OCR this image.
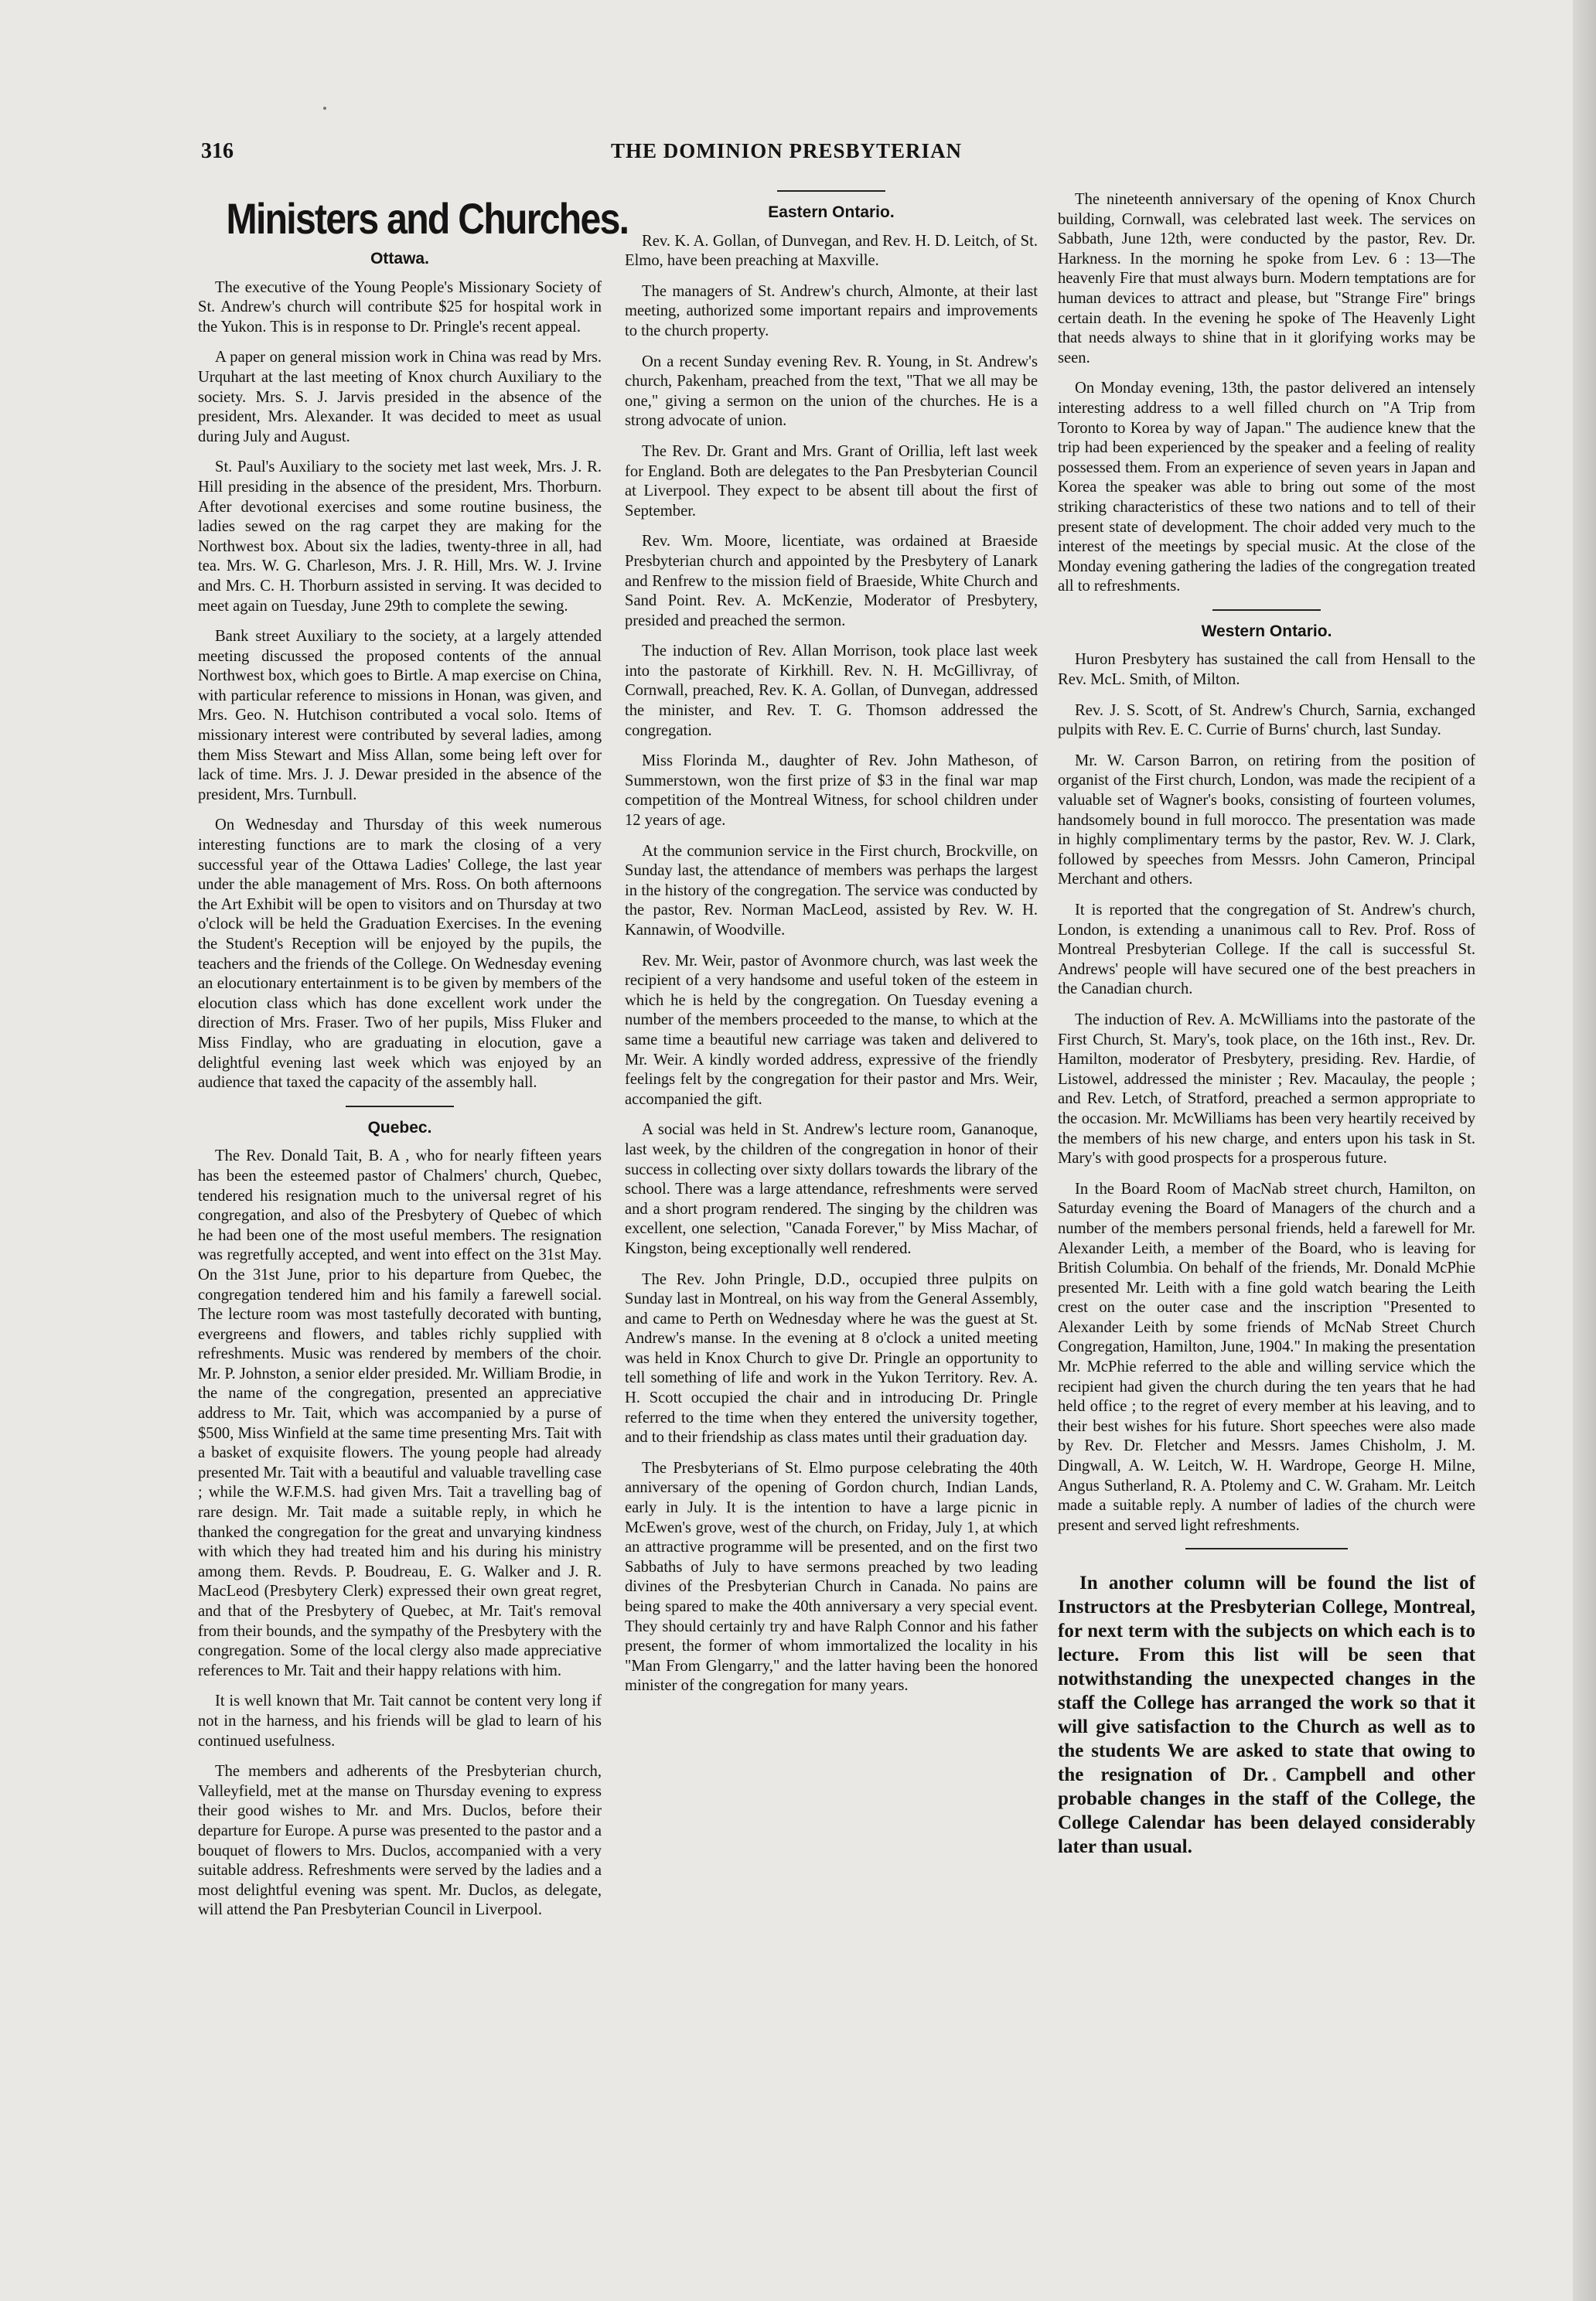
316	THE DOMINION PRESBYTERIAN
Ministers and Churches.
Ottawa.

The executive of the Young People's Missionary Society of St. Andrew's church will contribute $25 for hospital work in the Yukon. This is in response to Dr. Pringle's recent appeal.

A paper on general mission work in China was read by Mrs. Urquhart at the last meeting of Knox church Auxiliary to the society. Mrs. S. J. Jarvis presided in the absence of the president, Mrs. Alexander. It was decided to meet as usual during July and August.

St. Paul's Auxiliary to the society met last week, Mrs. J. R. Hill presiding in the absence of the president, Mrs. Thorburn. After devotional exercises and some routine business, the ladies sewed on the rag carpet they are making for the Northwest box. About six the ladies, twenty-three in all, had tea. Mrs. W. G. Charleson, Mrs. J. R. Hill, Mrs. W. J. Irvine and Mrs. C. H. Thorburn assisted in serving. It was decided to meet again on Tuesday, June 29th to complete the sewing.

Bank street Auxiliary to the society, at a largely attended meeting discussed the proposed contents of the annual Northwest box, which goes to Birtle. A map exercise on China, with particular reference to missions in Honan, was given, and Mrs. Geo. N. Hutchison contributed a vocal solo. Items of missionary interest were contributed by several ladies, among them Miss Stewart and Miss Allan, some being left over for lack of time. Mrs. J. J. Dewar presided in the absence of the president, Mrs. Turnbull.

On Wednesday and Thursday of this week numerous interesting functions are to mark the closing of a very successful year of the Ottawa Ladies' College, the last year under the able management of Mrs. Ross. On both afternoons the Art Exhibit will be open to visitors and on Thursday at two o'clock will be held the Graduation Exercises. In the evening the Student's Reception will be enjoyed by the pupils, the teachers and the friends of the College. On Wednesday evening an elocutionary entertainment is to be given by members of the elocution class which has done excellent work under the direction of Mrs. Fraser. Two of her pupils, Miss Fluker and Miss Findlay, who are graduating in elocution, gave a delightful evening last week which was enjoyed by an audience that taxed the capacity of the assembly hall.

Quebec.

The Rev. Donald Tait, B. A , who for nearly fifteen years has been the esteemed pastor of Chalmers' church, Quebec, tendered his resignation much to the universal regret of his congregation, and also of the Presbytery of Quebec of which he had been one of the most useful members. The resignation was regretfully accepted, and went into effect on the 31st May. On the 31st June, prior to his departure from Quebec, the congregation tendered him and his family a farewell social. The lecture room was most tastefully decorated with bunting, evergreens and flowers, and tables richly supplied with refreshments. Music was rendered by members of the choir. Mr. P. Johnston, a senior elder presided. Mr. William Brodie, in the name of the congregation, presented an appreciative address to Mr. Tait, which was accompanied by a purse of $500, Miss Winfield at the same time presenting Mrs. Tait with a basket of exquisite flowers. The young people had already presented Mr. Tait with a beautiful and valuable travelling case ; while the W.F.M.S. had given Mrs. Tait a travelling bag of rare design. Mr. Tait made a suitable reply, in which he thanked the congregation for the great and unvarying kindness with which they had treated him and his during his ministry among them. Revds. P. Boudreau, E. G. Walker and J. R. MacLeod (Presbytery Clerk) expressed their own great regret, and that of the Presbytery of Quebec, at Mr. Tait's removal from their bounds, and the sympathy of the Presbytery with the congregation. Some of the local clergy also made appreciative references to Mr. Tait and their happy relations with him.

It is well known that Mr. Tait cannot be content very long if not in the harness, and his friends will be glad to learn of his continued usefulness.

The members and adherents of the Presbyterian church, Valleyfield, met at the manse on Thursday evening to express their good wishes to Mr. and Mrs. Duclos, before their departure for Europe. A purse was presented to the pastor and a bouquet of flowers to Mrs. Duclos, accompanied with a very suitable address. Refreshments were served by the ladies and a most delightful evening was spent. Mr. Duclos, as delegate, will attend the Pan Presbyterian Council in Liverpool.

Eastern Ontario.

Rev. K. A. Gollan, of Dunvegan, and Rev. H. D. Leitch, of St. Elmo, have been preaching at Maxville.

The managers of St. Andrew's church, Almonte, at their last meeting, authorized some important repairs and improvements to the church property.

On a recent Sunday evening Rev. R. Young, in St. Andrew's church, Pakenham, preached from the text, "That we all may be one," giving a sermon on the union of the churches. He is a strong advocate of union.

The Rev. Dr. Grant and Mrs. Grant of Orillia, left last week for England. Both are delegates to the Pan Presbyterian Council at Liverpool. They expect to be absent till about the first of September.

Rev. Wm. Moore, licentiate, was ordained at Braeside Presbyterian church and appointed by the Presbytery of Lanark and Renfrew to the mission field of Braeside, White Church and Sand Point. Rev. A. McKenzie, Moderator of Presbytery, presided and preached the sermon.

The induction of Rev. Allan Morrison, took place last week into the pastorate of Kirkhill. Rev. N. H. McGillivray, of Cornwall, preached, Rev. K. A. Gollan, of Dunvegan, addressed the minister, and Rev. T. G. Thomson addressed the congregation.

Miss Florinda M., daughter of Rev. John Matheson, of Summerstown, won the first prize of $3 in the final war map competition of the Montreal Witness, for school children under 12 years of age.

At the communion service in the First church, Brockville, on Sunday last, the attendance of members was perhaps the largest in the history of the congregation. The service was conducted by the pastor, Rev. Norman MacLeod, assisted by Rev. W. H. Kannawin, of Woodville.

Rev. Mr. Weir, pastor of Avonmore church, was last week the recipient of a very handsome and useful token of the esteem in which he is held by the congregation. On Tuesday evening a number of the members proceeded to the manse, to which at the same time a beautiful new carriage was taken and delivered to Mr. Weir. A kindly worded address, expressive of the friendly feelings felt by the congregation for their pastor and Mrs. Weir, accompanied the gift.

A social was held in St. Andrew's lecture room, Gananoque, last week, by the children of the congregation in honor of their success in collecting over sixty dollars towards the library of the school. There was a large attendance, refreshments were served and a short program rendered. The singing by the children was excellent, one selection, "Canada Forever," by Miss Machar, of Kingston, being exceptionally well rendered.

The Rev. John Pringle, D.D., occupied three pulpits on Sunday last in Montreal, on his way from the General Assembly, and came to Perth on Wednesday where he was the guest at St. Andrew's manse. In the evening at 8 o'clock a united meeting was held in Knox Church to give Dr. Pringle an opportunity to tell something of life and work in the Yukon Territory. Rev. A. H. Scott occupied the chair and in introducing Dr. Pringle referred to the time when they entered the university together, and to their friendship as class mates until their graduation day.

The Presbyterians of St. Elmo purpose celebrating the 40th anniversary of the opening of Gordon church, Indian Lands, early in July. It is the intention to have a large picnic in McEwen's grove, west of the church, on Friday, July 1, at which an attractive programme will be presented, and on the first two Sabbaths of July to have sermons preached by two leading divines of the Presbyterian Church in Canada. No pains are being spared to make the 40th anniversary a very special event. They should certainly try and have Ralph Connor and his father present, the former of whom immortalized the locality in his "Man From Glengarry," and the latter having been the honored minister of the congregation for many years.

The nineteenth anniversary of the opening of Knox Church building, Cornwall, was celebrated last week. The services on Sabbath, June 12th, were conducted by the pastor, Rev. Dr. Harkness. In the morning he spoke from Lev. 6 : 13—The heavenly Fire that must always burn. Modern temptations are for human devices to attract and please, but "Strange Fire" brings certain death. In the evening he spoke of The Heavenly Light that needs always to shine that in it glorifying works may be seen.

On Monday evening, 13th, the pastor delivered an intensely interesting address to a well filled church on "A Trip from Toronto to Korea by way of Japan." The audience knew that the trip had been experienced by the speaker and a feeling of reality possessed them. From an experience of seven years in Japan and Korea the speaker was able to bring out some of the most striking characteristics of these two nations and to tell of their present state of development. The choir added very much to the interest of the meetings by special music. At the close of the Monday evening gathering the ladies of the congregation treated all to refreshments.

Western Ontario.

Huron Presbytery has sustained the call from Hensall to the Rev. McL. Smith, of Milton.

Rev. J. S. Scott, of St. Andrew's Church, Sarnia, exchanged pulpits with Rev. E. C. Currie of Burns' church, last Sunday.

Mr. W. Carson Barron, on retiring from the position of organist of the First church, London, was made the recipient of a valuable set of Wagner's books, consisting of fourteen volumes, handsomely bound in full morocco. The presentation was made in highly complimentary terms by the pastor, Rev. W. J. Clark, followed by speeches from Messrs. John Cameron, Principal Merchant and others.

It is reported that the congregation of St. Andrew's church, London, is extending a unanimous call to Rev. Prof. Ross of Montreal Presbyterian College. If the call is successful St. Andrews' people will have secured one of the best preachers in the Canadian church.

The induction of Rev. A. McWilliams into the pastorate of the First Church, St. Mary's, took place, on the 16th inst., Rev. Dr. Hamilton, moderator of Presbytery, presiding. Rev. Hardie, of Listowel, addressed the minister ; Rev. Macaulay, the people ; and Rev. Letch, of Stratford, preached a sermon appropriate to the occasion. Mr. McWilliams has been very heartily received by the members of his new charge, and enters upon his task in St. Mary's with good prospects for a prosperous future.

In the Board Room of MacNab street church, Hamilton, on Saturday evening the Board of Managers of the church and a number of the members personal friends, held a farewell for Mr. Alexander Leith, a member of the Board, who is leaving for British Columbia. On behalf of the friends, Mr. Donald McPhie presented Mr. Leith with a fine gold watch bearing the Leith crest on the outer case and the inscription "Presented to Alexander Leith by some friends of McNab Street Church Congregation, Hamilton, June, 1904." In making the presentation Mr. McPhie referred to the able and willing service which the recipient had given the church during the ten years that he had held office ; to the regret of every member at his leaving, and to their best wishes for his future. Short speeches were also made by Rev. Dr. Fletcher and Messrs. James Chisholm, J. M. Dingwall, A. W. Leitch, W. H. Wardrope, George H. Milne, Angus Sutherland, R. A. Ptolemy and C. W. Graham. Mr. Leitch made a suitable reply. A number of ladies of the church were present and served light refreshments.

In another column will be found the list of Instructors at the Presbyterian College, Montreal, for next term with the subjects on which each is to lecture. From this list will be seen that notwithstanding the unexpected changes in the staff the College has arranged the work so that it will give satisfaction to the Church as well as to the students We are asked to state that owing to the resignation of Dr. Campbell and other probable changes in the staff of the College, the College Calendar has been delayed considerably later than usual.
